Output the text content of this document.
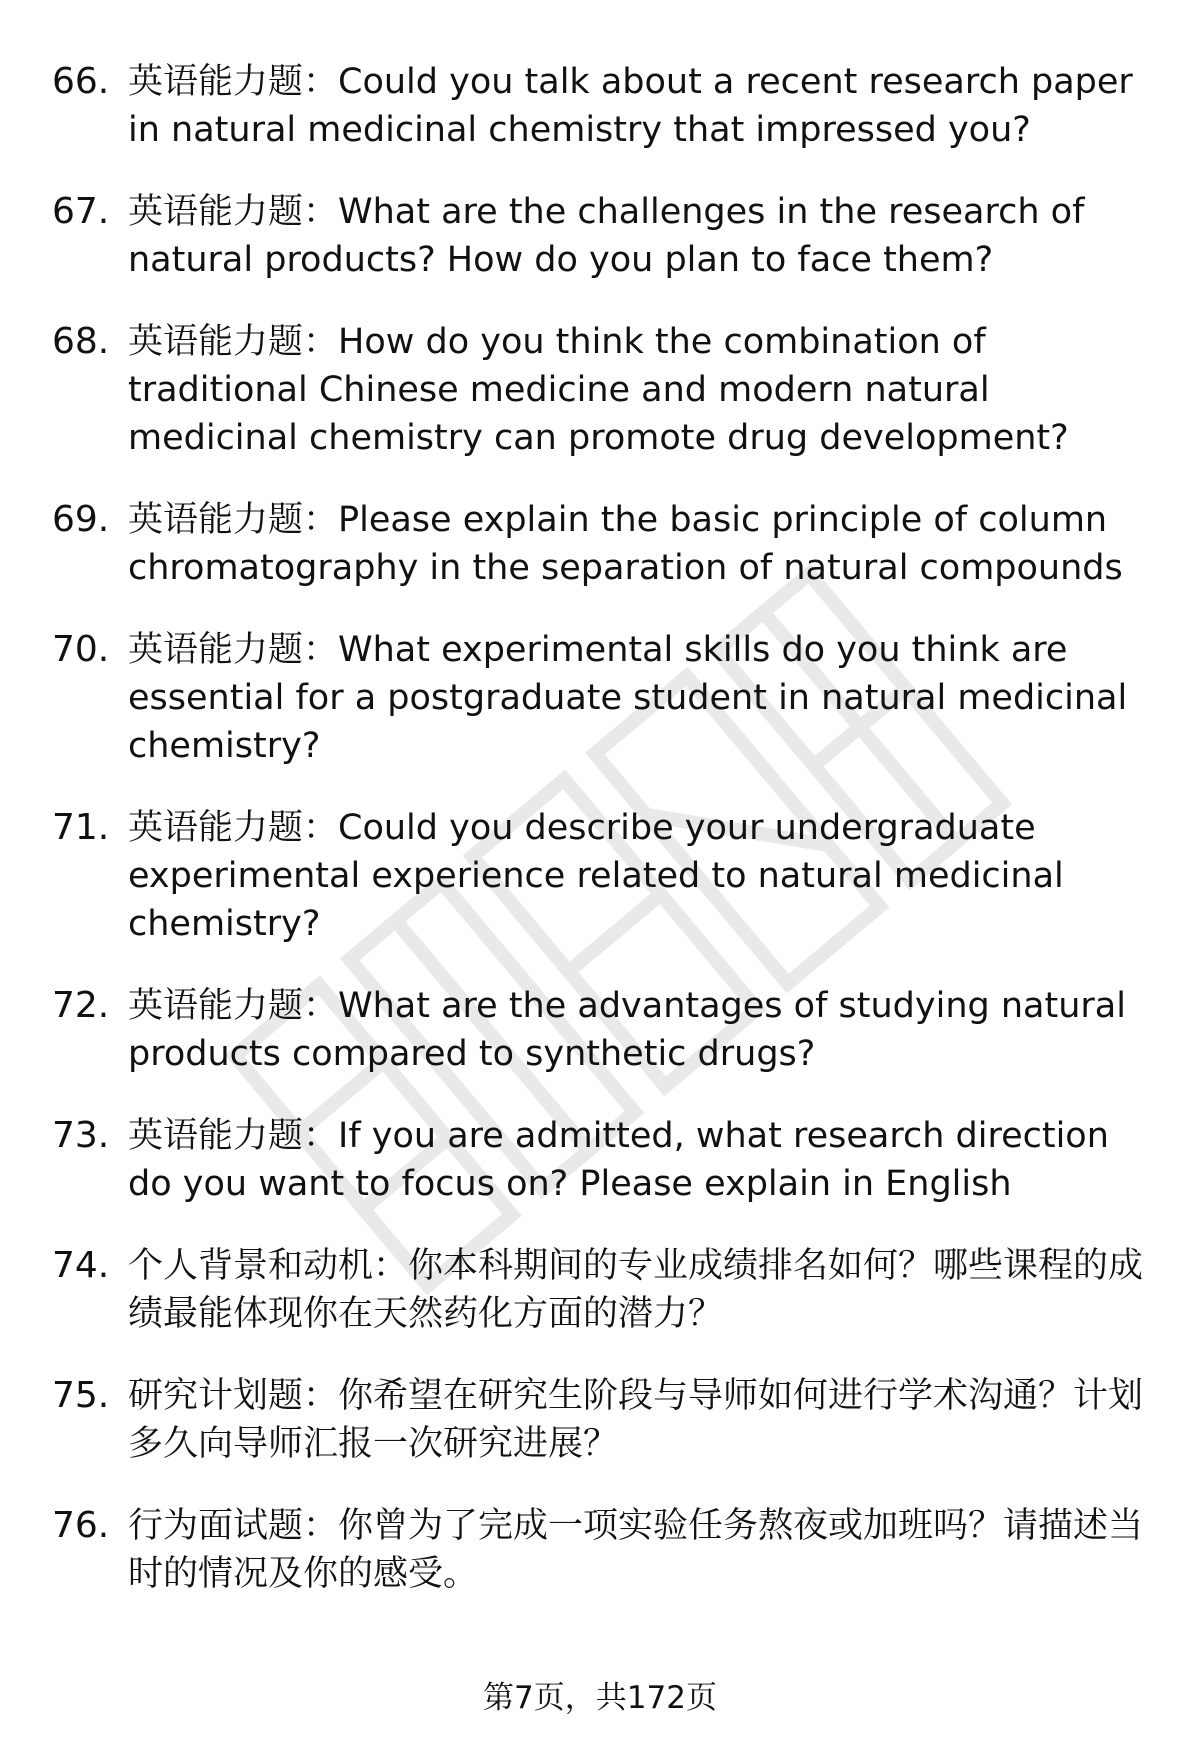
66. 英语能力题：Could you talk about a recent research paper in natural medicinal chemistry that impressed you?
67. 英语能力题：What are the challenges in the research of natural products? How do you plan to face them?
68. 英语能力题：How do you think the combination of traditional Chinese medicine and modern natural medicinal chemistry can promote drug development?
69. 英语能力题：Please explain the basic principle of column chromatography in the separation of natural compounds
70. 英语能力题：What experimental skills do you think are essential for a postgraduate student in natural medicinal chemistry?
71. 英语能力题：Could you describe your undergraduate experimental experience related to natural medicinal chemistry?
72. 英语能力题：What are the advantages of studying natural products compared to synthetic drugs?
73. 英语能力题：If you are admitted, what research direction do you want to focus on? Please explain in English
74. 个人背景和动机：你本科期间的专业成绩排名如何？哪些课程的成绩最能体现你在天然药化方面的潜力？
75. 研究计划题：你希望在研究生阶段与导师如何进行学术沟通？计划多久向导师汇报一次研究进展？
76. 行为面试题：你曾为了完成一项实验任务熬夜或加班吗？请描述当时的情况及你的感受。
第7页，共172页
